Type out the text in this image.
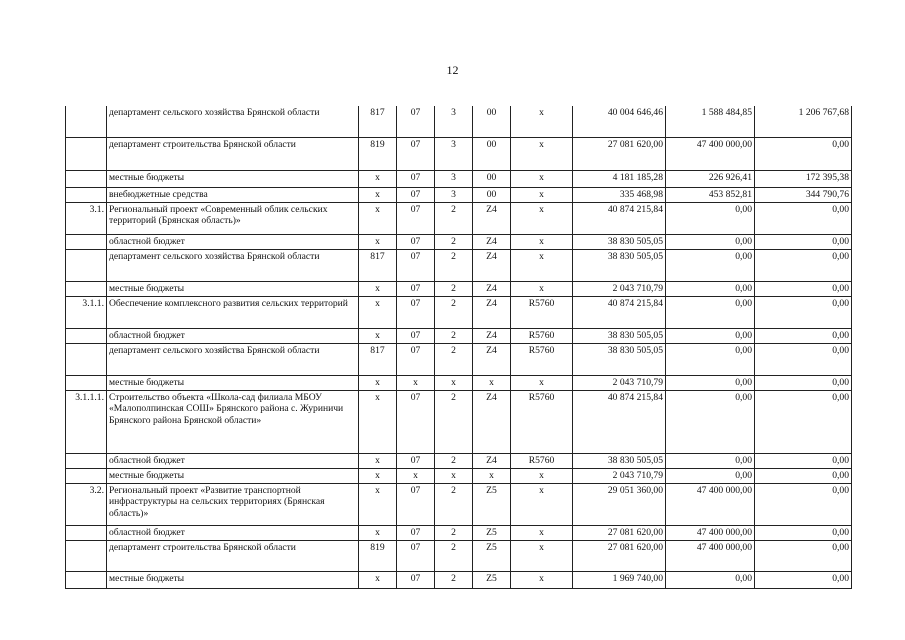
12
	департамент сельского хозяйства Брянской области	817	07	3	00	х	40 004 646,46	1 588 484,85	1 206 767,68
	департамент строительства Брянской области	819	07	3	00	х	27 081 620,00	47 400 000,00	0,00
	местные бюджеты	х	07	3	00	х	4 181 185,28	226 926,41	172 395,38
	внебюджетные средства	х	07	3	00	х	335 468,98	453 852,81	344 790,76
3.1.	Региональный проект «Современный облик сельских территорий (Брянская область)»	х	07	2	Z4	х	40 874 215,84	0,00	0,00
	областной бюджет	х	07	2	Z4	х	38 830 505,05	0,00	0,00
	департамент сельского хозяйства Брянской области	817	07	2	Z4	х	38 830 505,05	0,00	0,00
	местные бюджеты	х	07	2	Z4	х	2 043 710,79	0,00	0,00
3.1.1.	Обеспечение комплексного развития сельских территорий	х	07	2	Z4	R5760	40 874 215,84	0,00	0,00
	областной бюджет	х	07	2	Z4	R5760	38 830 505,05	0,00	0,00
	департамент сельского хозяйства Брянской области	817	07	2	Z4	R5760	38 830 505,05	0,00	0,00
	местные бюджеты	х	х	х	х	х	2 043 710,79	0,00	0,00
3.1.1.1.	Строительство объекта «Школа-сад филиала МБОУ «Малополпинская СОШ» Брянского района с. Журиничи Брянского района Брянской области»	х	07	2	Z4	R5760	40 874 215,84	0,00	0,00
	областной бюджет	х	07	2	Z4	R5760	38 830 505,05	0,00	0,00
	местные бюджеты	х	х	х	х	х	2 043 710,79	0,00	0,00
3.2.	Региональный проект «Развитие транспортной инфраструктуры на сельских территориях (Брянская область)»	х	07	2	Z5	х	29 051 360,00	47 400 000,00	0,00
	областной бюджет	х	07	2	Z5	х	27 081 620,00	47 400 000,00	0,00
	департамент строительства Брянской области	819	07	2	Z5	х	27 081 620,00	47 400 000,00	0,00
	местные бюджеты	х	07	2	Z5	х	1 969 740,00	0,00	0,00
